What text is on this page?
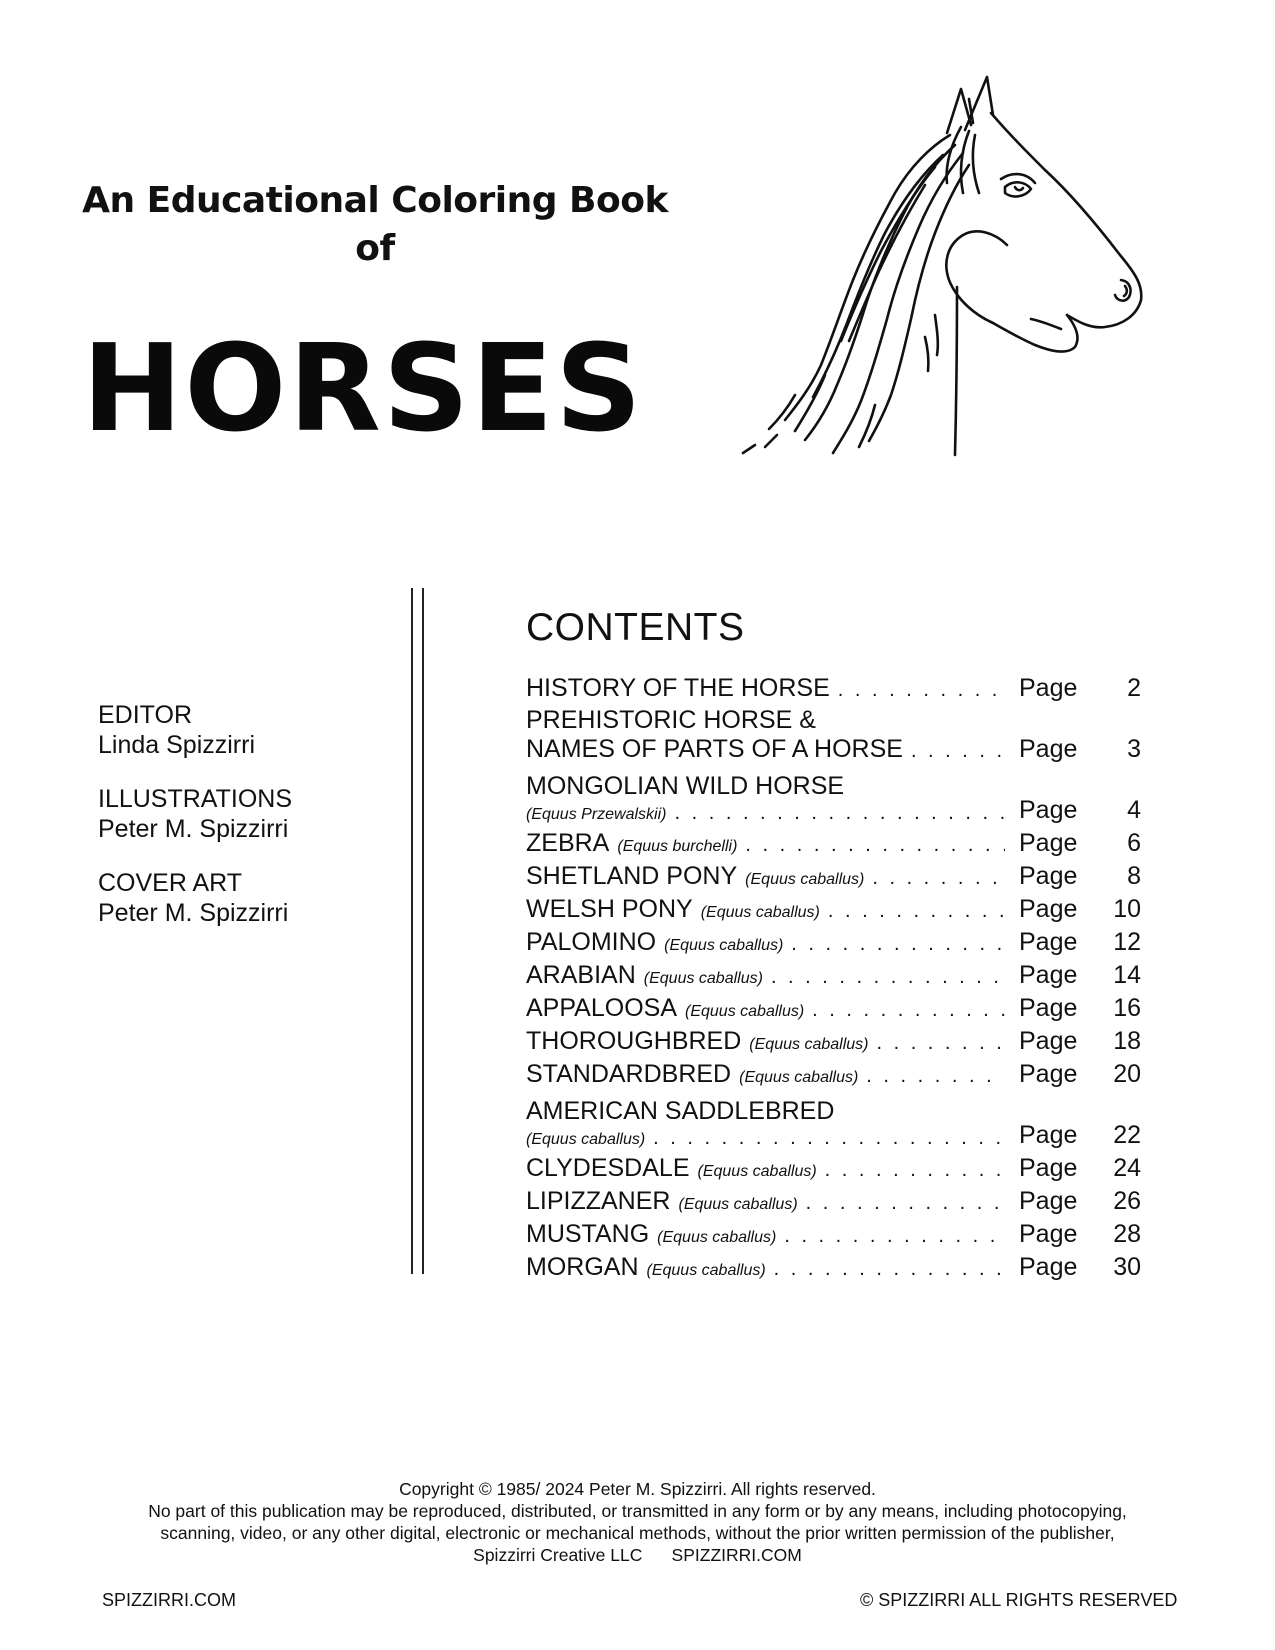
An Educational Coloring Book
of
HORSES
EDITOR
Linda Spizzirri
ILLUSTRATIONS
Peter M. Spizzirri
COVER ART
Peter M. Spizzirri
CONTENTS
HISTORY OF THE HORSE . . .	Page	2
PREHISTORIC HORSE &
NAMES OF PARTS OF A HORSE . . .	Page	3
MONGOLIAN WILD HORSE
(Equus Przewalskii) . . .	Page	4
ZEBRA (Equus burchelli) . . .	Page	6
SHETLAND PONY (Equus caballus) . . .	Page	8
WELSH PONY (Equus caballus) . . .	Page	10
PALOMINO (Equus caballus) . . .	Page	12
ARABIAN (Equus caballus) . . .	Page	14
APPALOOSA (Equus caballus) . . .	Page	16
THOROUGHBRED (Equus caballus) . . .	Page	18
STANDARDBRED (Equus caballus) . . .	Page	20
AMERICAN SADDLEBRED
(Equus caballus) . . .	Page	22
CLYDESDALE (Equus caballus) . . .	Page	24
LIPIZZANER (Equus caballus) . . .	Page	26
MUSTANG (Equus caballus) . . .	Page	28
MORGAN (Equus caballus) . . .	Page	30
Copyright © 1985/ 2024 Peter M. Spizzirri. All rights reserved.
No part of this publication may be reproduced, distributed, or transmitted in any form or by any means, including photocopying,
scanning, video, or any other digital, electronic or mechanical methods, without the prior written permission of the publisher,
Spizzirri Creative LLC      SPIZZIRRI.COM
SPIZZIRRI.COM	© SPIZZIRRI ALL RIGHTS RESERVED
